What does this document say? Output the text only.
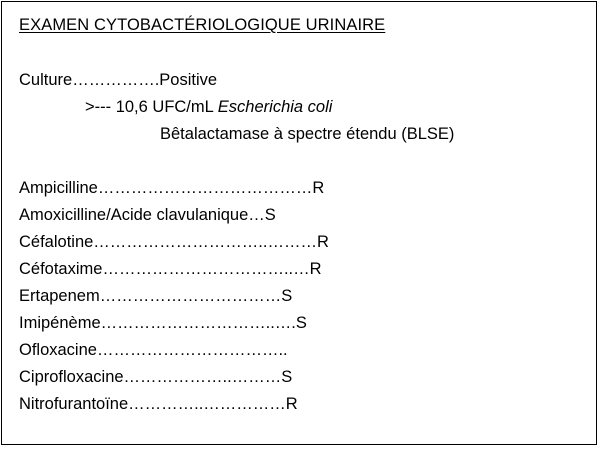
EXAMEN CYTOBACTÉRIOLOGIQUE URINAIRE
Culture…………….Positive
>--- 10,6 UFC/mL Escherichia coli
Bêtalactamase à spectre étendu (BLSE)
Ampicilline…………………………………R
Amoxicilline/Acide clavulanique…S
Céfalotine…………………………..………R
Céfotaxime……………………………..…R
Ertapenem……………………………S
Imipénème…………………………..….S
Ofloxacine……………………………..
Ciprofloxacine………………..………S
Nitrofurantoïne…………..……………R
